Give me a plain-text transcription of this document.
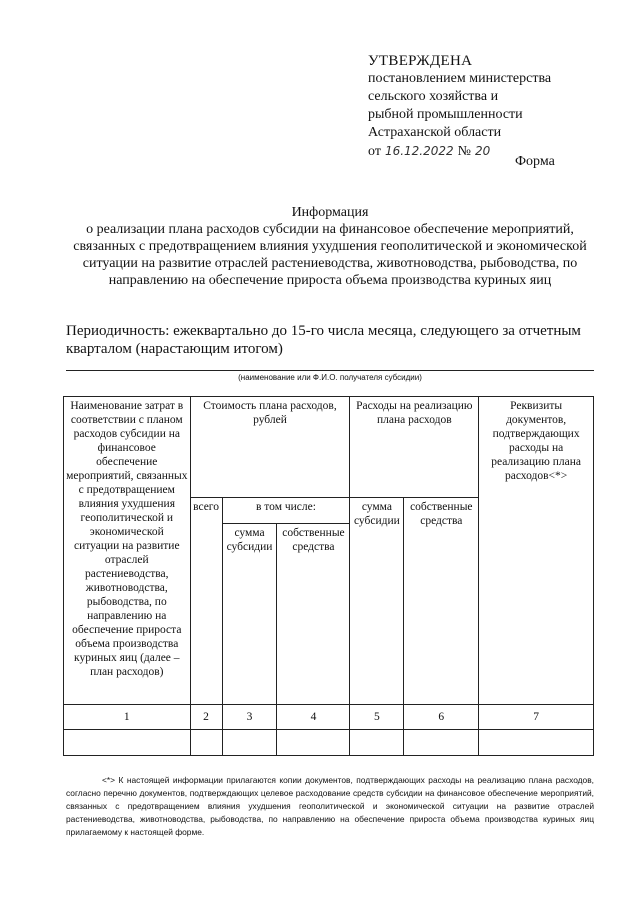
УТВЕРЖДЕНА
постановлением министерства
сельского хозяйства и
рыбной промышленности
Астраханской области
от 16.12.2022 № 20
Форма
Информация
о реализации плана расходов субсидии на финансовое обеспечение мероприятий, связанных с предотвращением влияния ухудшения геополитической и экономической ситуации на развитие отраслей растениеводства, животноводства, рыбоводства, по направлению на обеспечение прироста объема производства куриных яиц
Периодичность: ежеквартально до 15-го числа месяца, следующего за отчетным кварталом (нарастающим итогом)
(наименование или Ф.И.О. получателя субсидии)
Наименование затрат в соответствии с планом расходов субсидии на финансовое обеспечение мероприятий, связанных с предотвращением влияния ухудшения геополитической и экономической ситуации на развитие отраслей растениеводства, животноводства, рыбоводства, по направлению на обеспечение прироста объема производства куриных яиц (далее – план расходов)	Стоимость плана расходов, рублей			Расходы на реализацию плана расходов		Реквизиты документов, подтверждающих расходы на реализацию плана расходов<*>
	всего	в том числе:		сумма субсидии	собственные средства	
		сумма субсидии	собственные средства			
1	2	3	4	5	6	7

<*> К настоящей информации прилагаются копии документов, подтверждающих расходы на реализацию плана расходов, согласно перечню документов, подтверждающих целевое расходование средств субсидии на финансовое обеспечение мероприятий, связанных с предотвращением влияния ухудшения геополитической и экономической ситуации на развитие отраслей растениеводства, животноводства, рыбоводства, по направлению на обеспечение прироста объема производства куриных яиц прилагаемому к настоящей форме.
